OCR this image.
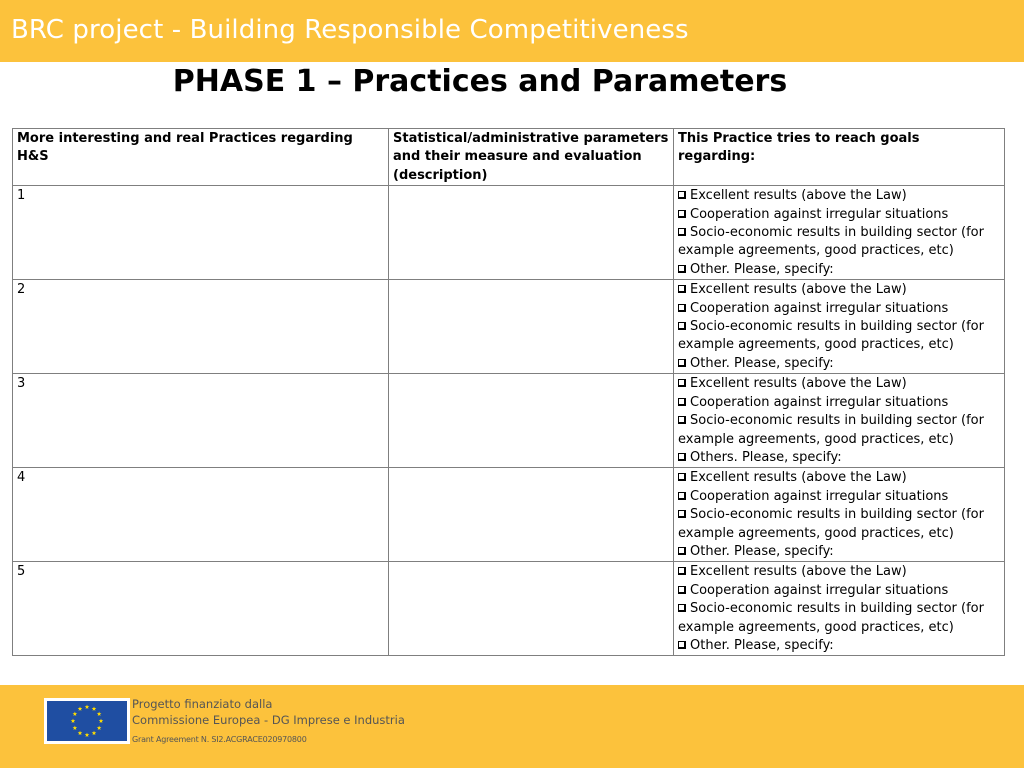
BRC project - Building Responsible Competitiveness
PHASE 1 – Practices and Parameters
More interesting and real Practices regarding H&S	Statistical/administrative parameters and their measure and evaluation (description)	This Practice tries to reach goals regarding:
1		Excellent results (above the Law)
Cooperation against irregular situations
Socio-economic results in building sector (for example agreements, good practices, etc)
Other. Please, specify:

2		Excellent results (above the Law)
Cooperation against irregular situations
Socio-economic results in building sector (for example agreements, good practices, etc)
Other. Please, specify:

3		Excellent results (above the Law)
Cooperation against irregular situations
Socio-economic results in building sector (for example agreements, good practices, etc)
Others. Please, specify:

4		Excellent results (above the Law)
Cooperation against irregular situations
Socio-economic results in building sector (for example agreements, good practices, etc)
Other. Please, specify:

5		Excellent results (above the Law)
Cooperation against irregular situations
Socio-economic results in building sector (for example agreements, good practices, etc)
Other. Please, specify:
Progetto finanziato dalla
Commissione Europea - DG Imprese e Industria
Grant Agreement N. SI2.ACGRACE020970800
